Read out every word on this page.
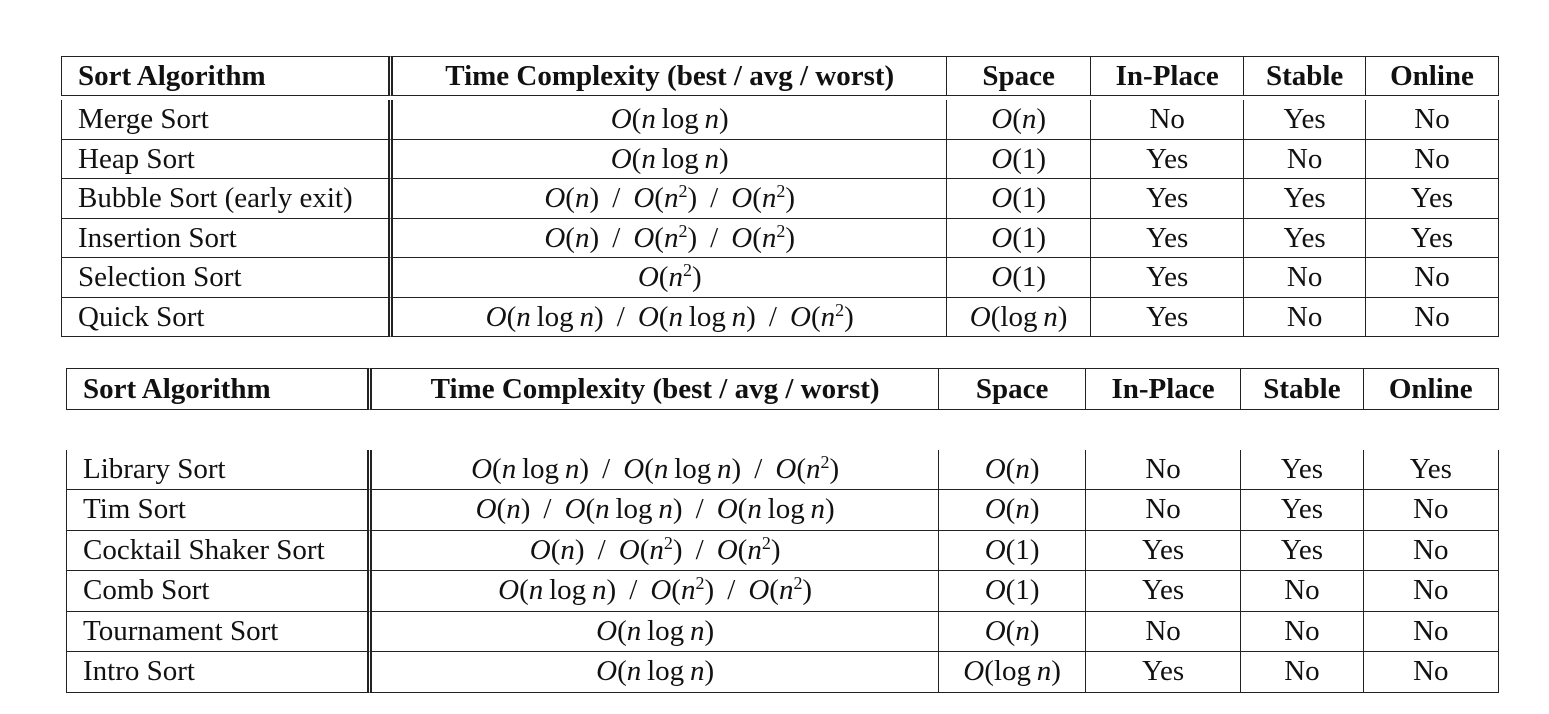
Sort Algorithm	Time Complexity (best / avg / worst)	Space	In-Place	Stable	Online

Merge Sort	O(n  log  n)	O(n)	No	Yes	No
Heap Sort	O(n  log  n)	O(1)	Yes	No	No
Bubble Sort (early exit)	$O(n) / O(n^2) / O(n^2)$	O(1)	Yes	Yes	Yes
Insertion Sort	$O(n) / O(n^2) / O(n^2)$	O(1)	Yes	Yes	Yes
Selection Sort	$O(n^2)$	O(1)	Yes	No	No
Quick Sort	O(n  log  n)  /  O(n  $\log n) / O(n^2)$	O(log  n)	Yes	No	No
Sort Algorithm	Time Complexity (best / avg / worst)	Space	In-Place	Stable	Online

Library Sort	O(n  log  n)  /  O(n  $\log n) / O(n^2)$	O(n)	No	Yes	Yes
Tim Sort	O(n)  /  O(n  log  n)  /  O(n  log  n)	O(n)	No	Yes	No
Cocktail Shaker Sort	$O(n) / O(n^2) / O(n^2)$	O(1)	Yes	Yes	No
Comb Sort	O(n  $\log n) / O(n^2) / O(n^2)$	O(1)	Yes	No	No
Tournament Sort	O(n  log  n)	O(n)	No	No	No
Intro Sort	O(n  log  n)	O(log  n)	Yes	No	No
